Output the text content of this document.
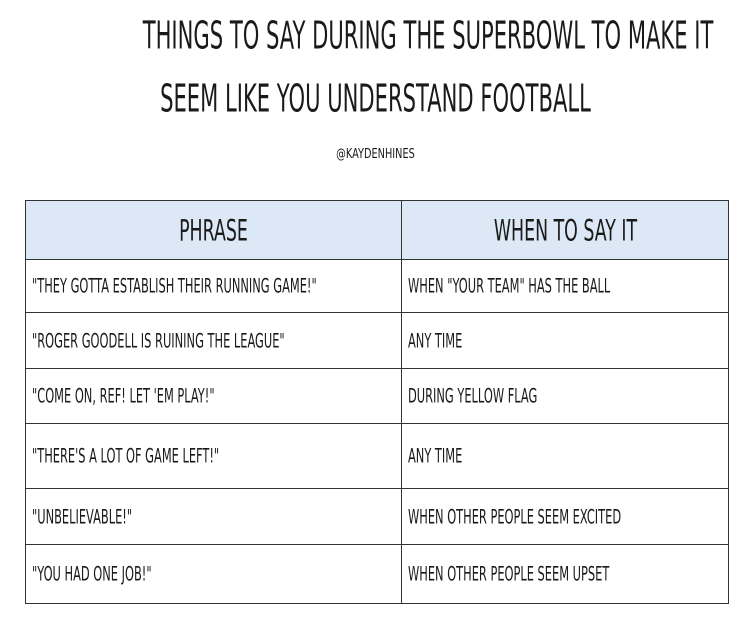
THINGS TO SAY DURING THE SUPERBOWL TO MAKE IT
SEEM LIKE YOU UNDERSTAND FOOTBALL
@KAYDENHINES
PHRASE	WHEN TO SAY IT
"THEY GOTTA ESTABLISH THEIR RUNNING GAME!"	WHEN "YOUR TEAM" HAS THE BALL
"ROGER GOODELL IS RUINING THE LEAGUE"	ANY TIME
"COME ON, REF! LET 'EM PLAY!"	DURING YELLOW FLAG
"THERE'S A LOT OF GAME LEFT!"	ANY TIME
"UNBELIEVABLE!"	WHEN OTHER PEOPLE SEEM EXCITED
"YOU HAD ONE JOB!"	WHEN OTHER PEOPLE SEEM UPSET
